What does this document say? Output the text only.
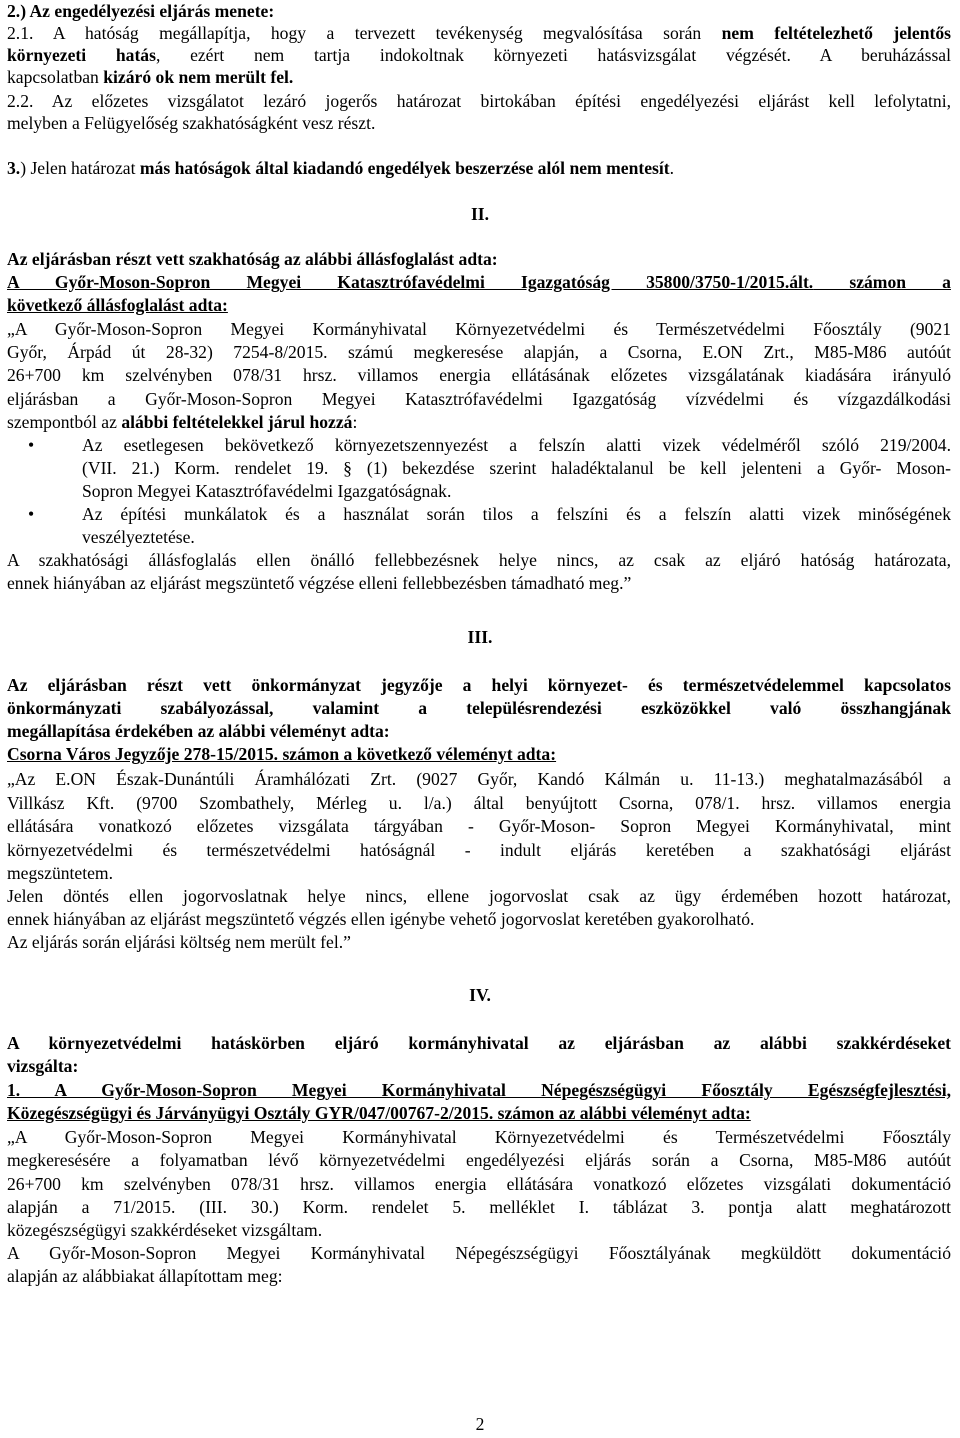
2.) Az engedélyezési eljárás menete:
2.1. A hatóság megállapítja, hogy a tervezett tevékenység megvalósítása során nem feltételezhető jelentős
környezeti hatás, ezért nem tartja indokoltnak környezeti hatásvizsgálat végzését. A beruházással
kapcsolatban kizáró ok nem merült fel.
2.2. Az előzetes vizsgálatot lezáró jogerős határozat birtokában építési engedélyezési eljárást kell lefolytatni,
melyben a Felügyelőség szakhatóságként vesz részt.
3.) Jelen határozat más hatóságok által kiadandó engedélyek beszerzése alól nem mentesít.
II.
Az eljárásban részt vett szakhatóság az alábbi állásfoglalást adta:
A Győr-Moson-Sopron Megyei Katasztrófavédelmi Igazgatóság 35800/3750-1/2015.ált. számon a
következő állásfoglalást adta:
„A Győr-Moson-Sopron Megyei Kormányhivatal Környezetvédelmi és Természetvédelmi Főosztály (9021
Győr, Árpád út 28-32) 7254-8/2015. számú megkeresése alapján, a Csorna, E.ON Zrt., M85-M86 autóút
26+700 km szelvényben 078/31 hrsz. villamos energia ellátásának előzetes vizsgálatának kiadására irányuló
eljárásban a Győr-Moson-Sopron Megyei Katasztrófavédelmi Igazgatóság vízvédelmi és vízgazdálkodási
szempontból az alábbi feltételekkel járul hozzá:
•	Az esetlegesen bekövetkező környezetszennyezést a felszín alatti vizek védelméről szóló 219/2004.
(VII. 21.) Korm. rendelet 19. § (1) bekezdése szerint haladéktalanul be kell jelenteni a Győr- Moson-
Sopron Megyei Katasztrófavédelmi Igazgatóságnak.
•	Az építési munkálatok és a használat során tilos a felszíni és a felszín alatti vizek minőségének
veszélyeztetése.
A szakhatósági állásfoglalás ellen önálló fellebbezésnek helye nincs, az csak az eljáró hatóság határozata,
ennek hiányában az eljárást megszüntető végzése elleni fellebbezésben támadható meg.”
III.
Az eljárásban részt vett önkormányzat jegyzője a helyi környezet- és természetvédelemmel kapcsolatos
önkormányzati szabályozással, valamint a településrendezési eszközökkel való összhangjának
megállapítása érdekében az alábbi véleményt adta:
Csorna Város Jegyzője 278-15/2015. számon a következő véleményt adta:
„Az E.ON Észak-Dunántúli Áramhálózati Zrt. (9027 Győr, Kandó Kálmán u. 11-13.) meghatalmazásából a
Villkász Kft. (9700 Szombathely, Mérleg u. l/a.) által benyújtott Csorna, 078/1. hrsz. villamos energia
ellátására vonatkozó előzetes vizsgálata tárgyában - Győr-Moson- Sopron Megyei Kormányhivatal, mint
környezetvédelmi és természetvédelmi hatóságnál - indult eljárás keretében a szakhatósági eljárást
megszüntetem.
Jelen döntés ellen jogorvoslatnak helye nincs, ellene jogorvoslat csak az ügy érdemében hozott határozat,
ennek hiányában az eljárást megszüntető végzés ellen igénybe vehető jogorvoslat keretében gyakorolható.
Az eljárás során eljárási költség nem merült fel.”
IV.
A környezetvédelmi hatáskörben eljáró kormányhivatal az eljárásban az alábbi szakkérdéseket
vizsgálta:
1. A Győr-Moson-Sopron Megyei Kormányhivatal Népegészségügyi Főosztály Egészségfejlesztési,
Közegészségügyi és Járványügyi Osztály GYR/047/00767-2/2015. számon az alábbi véleményt adta:
„A Győr-Moson-Sopron Megyei Kormányhivatal Környezetvédelmi és Természetvédelmi Főosztály
megkeresésére a folyamatban lévő környezetvédelmi engedélyezési eljárás során a Csorna, M85-M86 autóút
26+700 km szelvényben 078/31 hrsz. villamos energia ellátására vonatkozó előzetes vizsgálati dokumentáció
alapján a 71/2015. (III. 30.) Korm. rendelet 5. melléklet I. táblázat 3. pontja alatt meghatározott
közegészségügyi szakkérdéseket vizsgáltam.
A Győr-Moson-Sopron Megyei Kormányhivatal Népegészségügyi Főosztályának megküldött dokumentáció
alapján az alábbiakat állapítottam meg:
2
